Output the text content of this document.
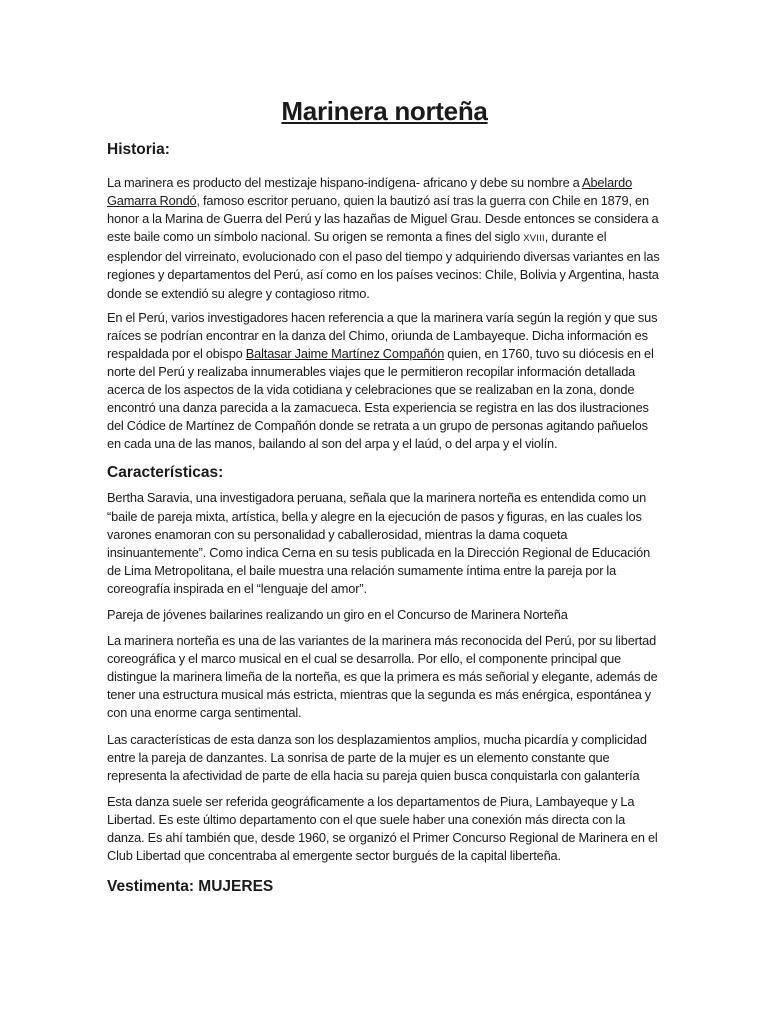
Marinera norteña
Historia:

La marinera es producto del mestizaje hispano-indígena- africano y debe su nombre a Abelardo Gamarra Rondó, famoso escritor peruano, quien la bautizó así tras la guerra con Chile en 1879, en honor a la Marina de Guerra del Perú y las hazañas de Miguel Grau. Desde entonces se considera a este baile como un símbolo nacional. Su origen se remonta a fines del siglo XVIII, durante el esplendor del virreinato, evolucionado con el paso del tiempo y adquiriendo diversas variantes en las regiones y departamentos del Perú, así como en los países vecinos: Chile, Bolivia y Argentina, hasta donde se extendió su alegre y contagioso ritmo.

En el Perú, varios investigadores hacen referencia a que la marinera varía según la región y que sus raíces se podrían encontrar en la danza del Chimo, oriunda de Lambayeque. Dicha información es respaldada por el obispo Baltasar Jaime Martínez Compañón quien, en 1760, tuvo su diócesis en el norte del Perú y realizaba innumerables viajes que le permitieron recopilar información detallada acerca de los aspectos de la vida cotidiana y celebraciones que se realizaban en la zona, donde encontró una danza parecida a la zamacueca. Esta experiencia se registra en las dos ilustraciones del Códice de Martínez de Compañón donde se retrata a un grupo de personas agitando pañuelos en cada una de las manos, bailando al son del arpa y el laúd, o del arpa y el violín.

Características:

Bertha Saravia, una investigadora peruana, señala que la marinera norteña es entendida como un “baile de pareja mixta, artística, bella y alegre en la ejecución de pasos y figuras, en las cuales los varones enamoran con su personalidad y caballerosidad, mientras la dama coqueta insinuantemente”. Como indica Cerna en su tesis publicada en la Dirección Regional de Educación de Lima Metropolitana, el baile muestra una relación sumamente íntima entre la pareja por la coreografía inspirada en el “lenguaje del amor”.

Pareja de jóvenes bailarines realizando un giro en el Concurso de Marinera Norteña

La marinera norteña es una de las variantes de la marinera más reconocida del Perú, por su libertad coreográfica y el marco musical en el cual se desarrolla. Por ello, el componente principal que distingue la marinera limeña de la norteña, es que la primera es más señorial y elegante, además de tener una estructura musical más estricta, mientras que la segunda es más enérgica, espontánea y con una enorme carga sentimental.

Las características de esta danza son los desplazamientos amplios, mucha picardía y complicidad entre la pareja de danzantes. La sonrisa de parte de la mujer es un elemento constante que representa la afectividad de parte de ella hacia su pareja quien busca conquistarla con galantería

Esta danza suele ser referida geográficamente a los departamentos de Piura, Lambayeque y La Libertad. Es este último departamento con el que suele haber una conexión más directa con la danza. Es ahí también que, desde 1960, se organizó el Primer Concurso Regional de Marinera en el Club Libertad que concentraba al emergente sector burgués de la capital liberteña.

Vestimenta: MUJERES
